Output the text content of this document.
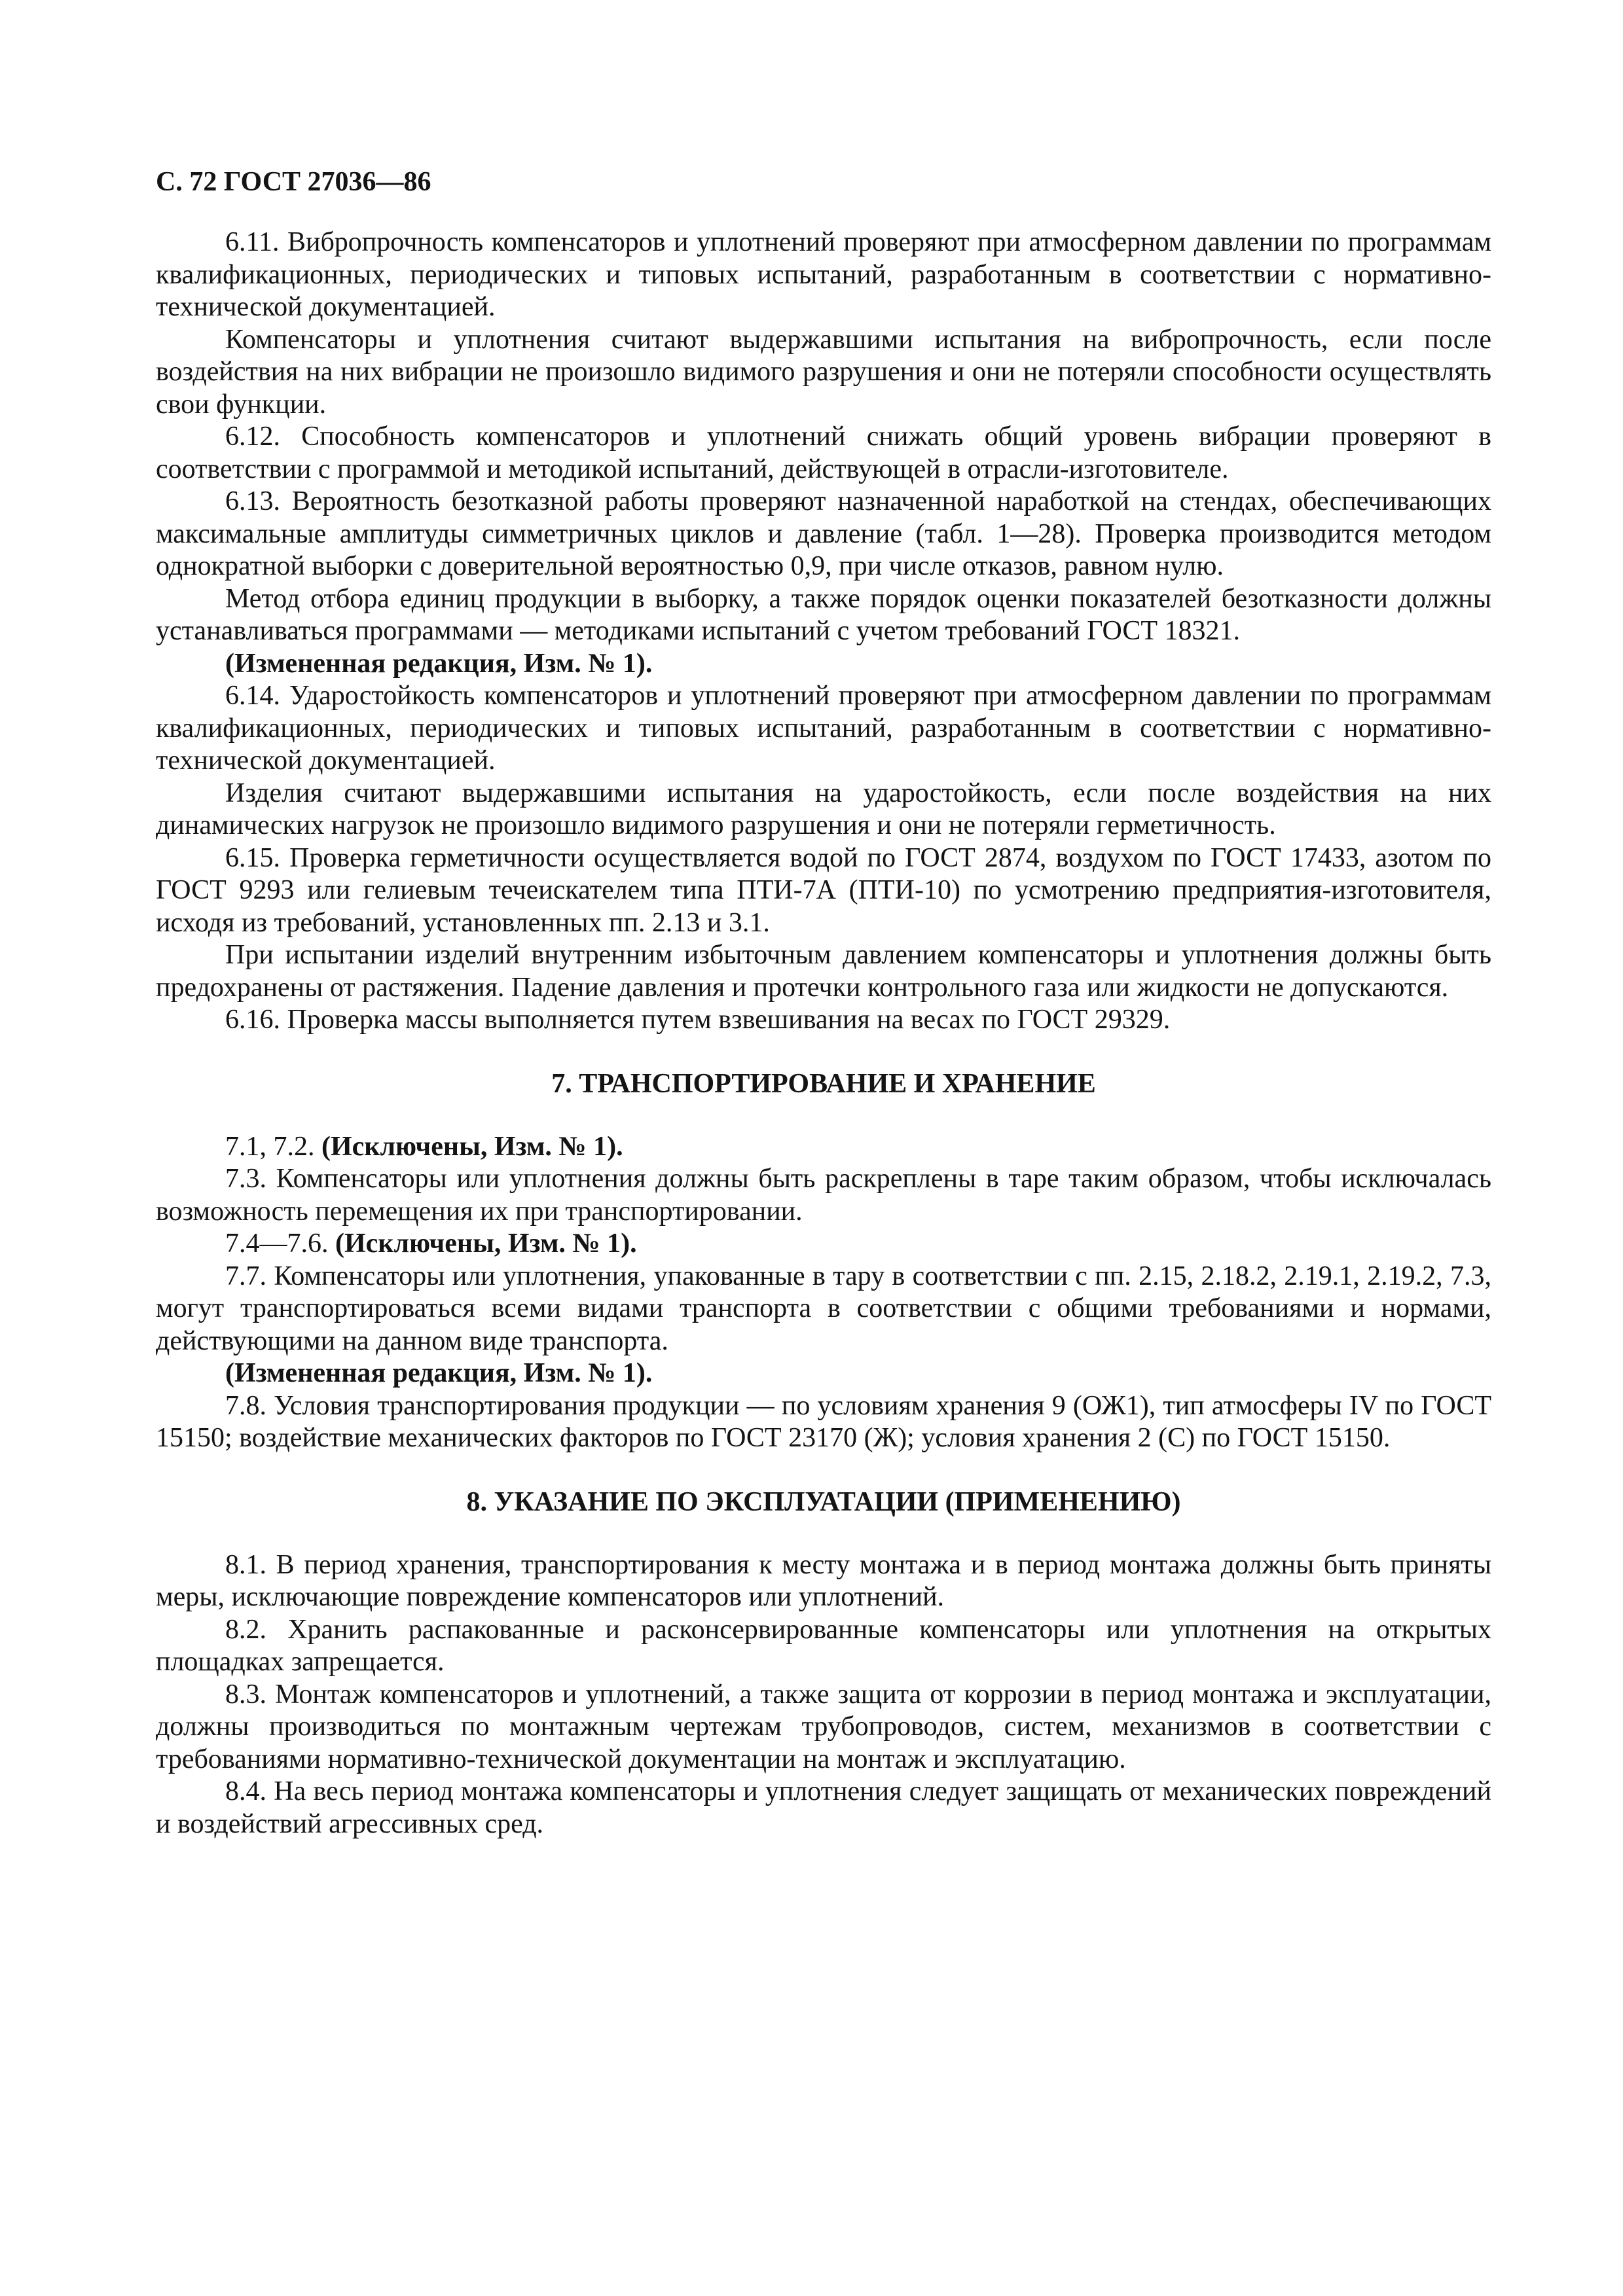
С. 72 ГОСТ 27036—86

6.11. Вибропрочность компенсаторов и уплотнений проверяют при атмосферном давлении по программам квалификационных, периодических и типовых испытаний, разработанным в соответствии с нормативно-технической документацией.

Компенсаторы и уплотнения считают выдержавшими испытания на вибропрочность, если после воздействия на них вибрации не произошло видимого разрушения и они не потеряли способности осуществлять свои функции.

6.12. Способность компенсаторов и уплотнений снижать общий уровень вибрации проверяют в соответствии с программой и методикой испытаний, действующей в отрасли-изготовителе.

6.13. Вероятность безотказной работы проверяют назначенной наработкой на стендах, обеспечивающих максимальные амплитуды симметричных циклов и давление (табл. 1—28). Проверка производится методом однократной выборки с доверительной вероятностью 0,9, при числе отказов, равном нулю.

Метод отбора единиц продукции в выборку, а также порядок оценки показателей безотказности должны устанавливаться программами — методиками испытаний с учетом требований ГОСТ 18321.

(Измененная редакция, Изм. № 1).

6.14. Ударостойкость компенсаторов и уплотнений проверяют при атмосферном давлении по программам квалификационных, периодических и типовых испытаний, разработанным в соответствии с нормативно-технической документацией.

Изделия считают выдержавшими испытания на ударостойкость, если после воздействия на них динамических нагрузок не произошло видимого разрушения и они не потеряли герметичность.

6.15. Проверка герметичности осуществляется водой по ГОСТ 2874, воздухом по ГОСТ 17433, азотом по ГОСТ 9293 или гелиевым течеискателем типа ПТИ-7А (ПТИ-10) по усмотрению предприятия-изготовителя, исходя из требований, установленных пп. 2.13 и 3.1.

При испытании изделий внутренним избыточным давлением компенсаторы и уплотнения должны быть предохранены от растяжения. Падение давления и протечки контрольного газа или жидкости не допускаются.

6.16. Проверка массы выполняется путем взвешивания на весах по ГОСТ 29329.

7. ТРАНСПОРТИРОВАНИЕ И ХРАНЕНИЕ

7.1, 7.2. (Исключены, Изм. № 1).

7.3. Компенсаторы или уплотнения должны быть раскреплены в таре таким образом, чтобы исключалась возможность перемещения их при транспортировании.

7.4—7.6. (Исключены, Изм. № 1).

7.7. Компенсаторы или уплотнения, упакованные в тару в соответствии с пп. 2.15, 2.18.2, 2.19.1, 2.19.2, 7.3, могут транспортироваться всеми видами транспорта в соответствии с общими требованиями и нормами, действующими на данном виде транспорта.

(Измененная редакция, Изм. № 1).

7.8. Условия транспортирования продукции — по условиям хранения 9 (ОЖ1), тип атмосферы IV по ГОСТ 15150; воздействие механических факторов по ГОСТ 23170 (Ж); условия хранения 2 (С) по ГОСТ 15150.

8. УКАЗАНИЕ ПО ЭКСПЛУАТАЦИИ (ПРИМЕНЕНИЮ)

8.1. В период хранения, транспортирования к месту монтажа и в период монтажа должны быть приняты меры, исключающие повреждение компенсаторов или уплотнений.

8.2. Хранить распакованные и расконсервированные компенсаторы или уплотнения на открытых площадках запрещается.

8.3. Монтаж компенсаторов и уплотнений, а также защита от коррозии в период монтажа и эксплуатации, должны производиться по монтажным чертежам трубопроводов, систем, механизмов в соответствии с требованиями нормативно-технической документации на монтаж и эксплуатацию.

8.4. На весь период монтажа компенсаторы и уплотнения следует защищать от механических повреждений и воздействий агрессивных сред.
